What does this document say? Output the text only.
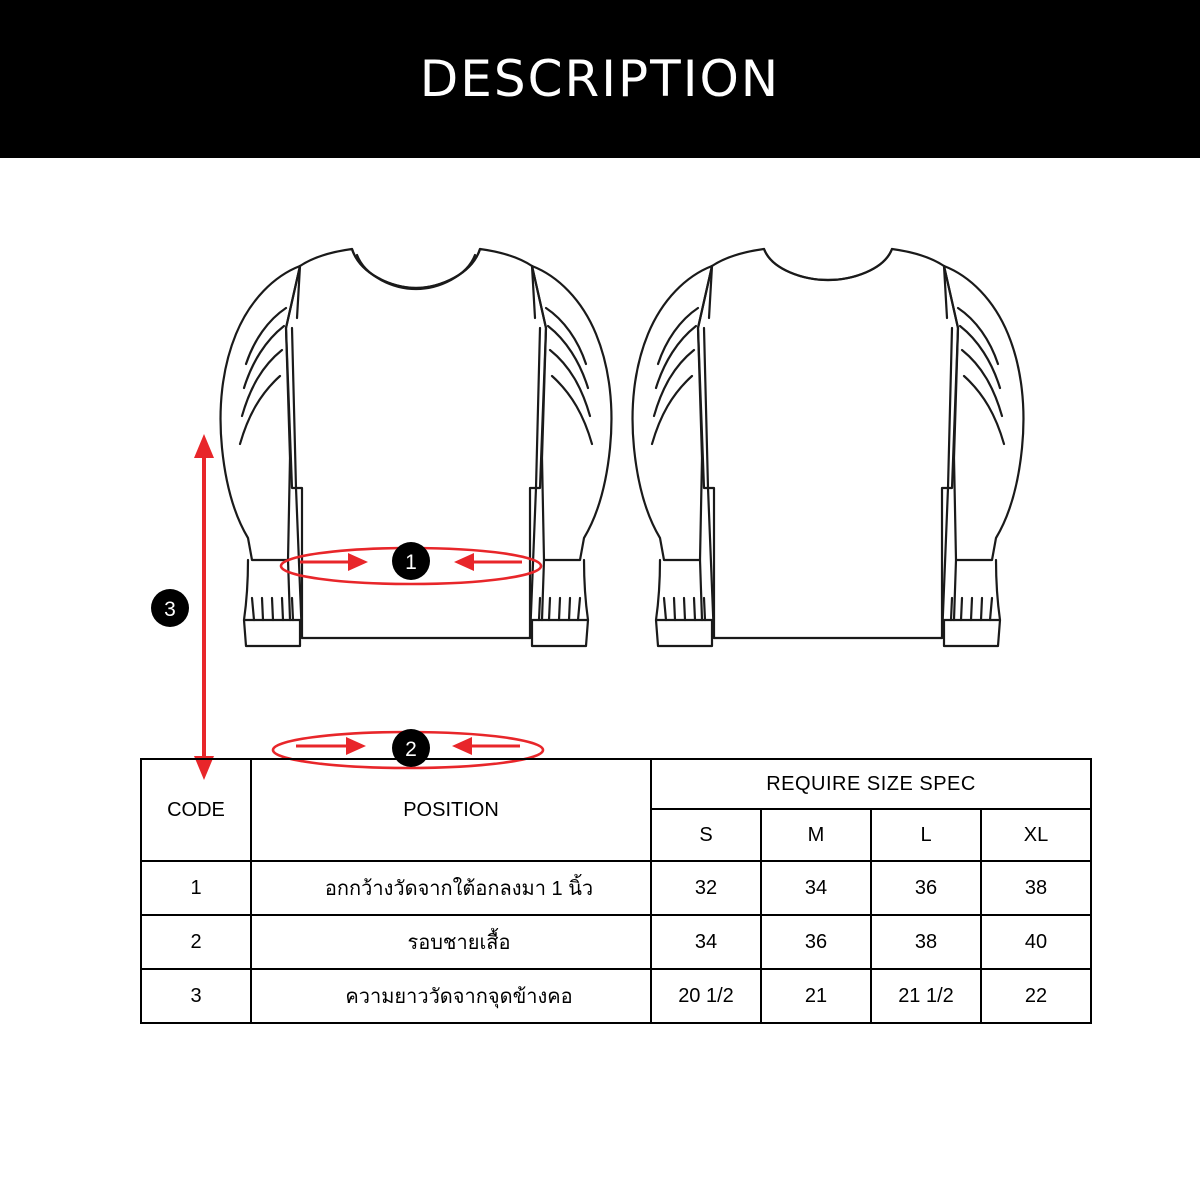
DESCRIPTION
1
2
3
CODE	POSITION	REQUIRE SIZE SPEC			
		S	M	L	XL
1	อกกว้างวัดจากใต้อกลงมา 1 นิ้ว	32	34	36	38
2	รอบชายเสื้อ	34	36	38	40
3	ความยาววัดจากจุดข้างคอ	20 1/2	21	21 1/2	22
